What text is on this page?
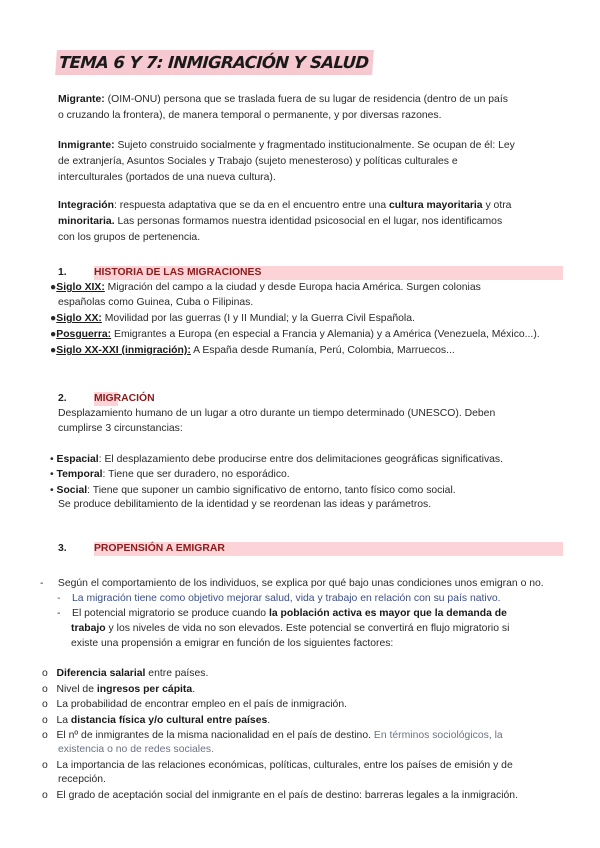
TEMA 6 Y 7: INMIGRACIÓN Y SALUD
Migrante: (OIM-ONU) persona que se traslada fuera de su lugar de residencia (dentro de un país
o cruzando la frontera), de manera temporal o permanente, y por diversas razones.
Inmigrante: Sujeto construido socialmente y fragmentado institucionalmente. Se ocupan de él: Ley
de extranjería, Asuntos Sociales y Trabajo (sujeto menesteroso) y políticas culturales e
interculturales (portados de una nueva cultura).
Integración: respuesta adaptativa que se da en el encuentro entre una cultura mayoritaria y otra
minoritaria. Las personas formamos nuestra identidad psicosocial en el lugar, nos identificamos
con los grupos de pertenencia.
1.	HISTORIA DE LAS MIGRACIONES
●Siglo XIX: Migración del campo a la ciudad y desde Europa hacia América. Surgen colonias
españolas como Guinea, Cuba o Filipinas.
●Siglo XX: Movilidad por las guerras (I y II Mundial; y la Guerra Civil Española.
●Posguerra: Emigrantes a Europa (en especial a Francia y Alemania) y a América (Venezuela, México...).
●Siglo XX-XXI (inmigración): A España desde Rumanía, Perú, Colombia, Marruecos...
2.	MIGRACIÓN
Desplazamiento humano de un lugar a otro durante un tiempo determinado (UNESCO). Deben
cumplirse 3 circunstancias:
• Espacial: El desplazamiento debe producirse entre dos delimitaciones geográficas significativas.
• Temporal: Tiene que ser duradero, no esporádico.
• Social: Tiene que suponer un cambio significativo de entorno, tanto físico como social.
Se produce debilitamiento de la identidad y se reordenan las ideas y parámetros.
3.	PROPENSIÓN A EMIGRAR
-     Según el comportamiento de los individuos, se explica por qué bajo unas condiciones unos emigran o no.
-    La migración tiene como objetivo mejorar salud, vida y trabajo en relación con su país nativo.
-    El potencial migratorio se produce cuando la población activa es mayor que la demanda de
trabajo y los niveles de vida no son elevados. Este potencial se convertirá en flujo migratorio si
existe una propensión a emigrar en función de los siguientes factores:
o   Diferencia salarial entre países.
o   Nivel de ingresos per cápita.
o   La probabilidad de encontrar empleo en el país de inmigración.
o   La distancia física y/o cultural entre países.
o   El nº de inmigrantes de la misma nacionalidad en el país de destino. En términos sociológicos, la
existencia o no de redes sociales.
o   La importancia de las relaciones económicas, políticas, culturales, entre los países de emisión y de
recepción.
o   El grado de aceptación social del inmigrante en el país de destino: barreras legales a la inmigración.
